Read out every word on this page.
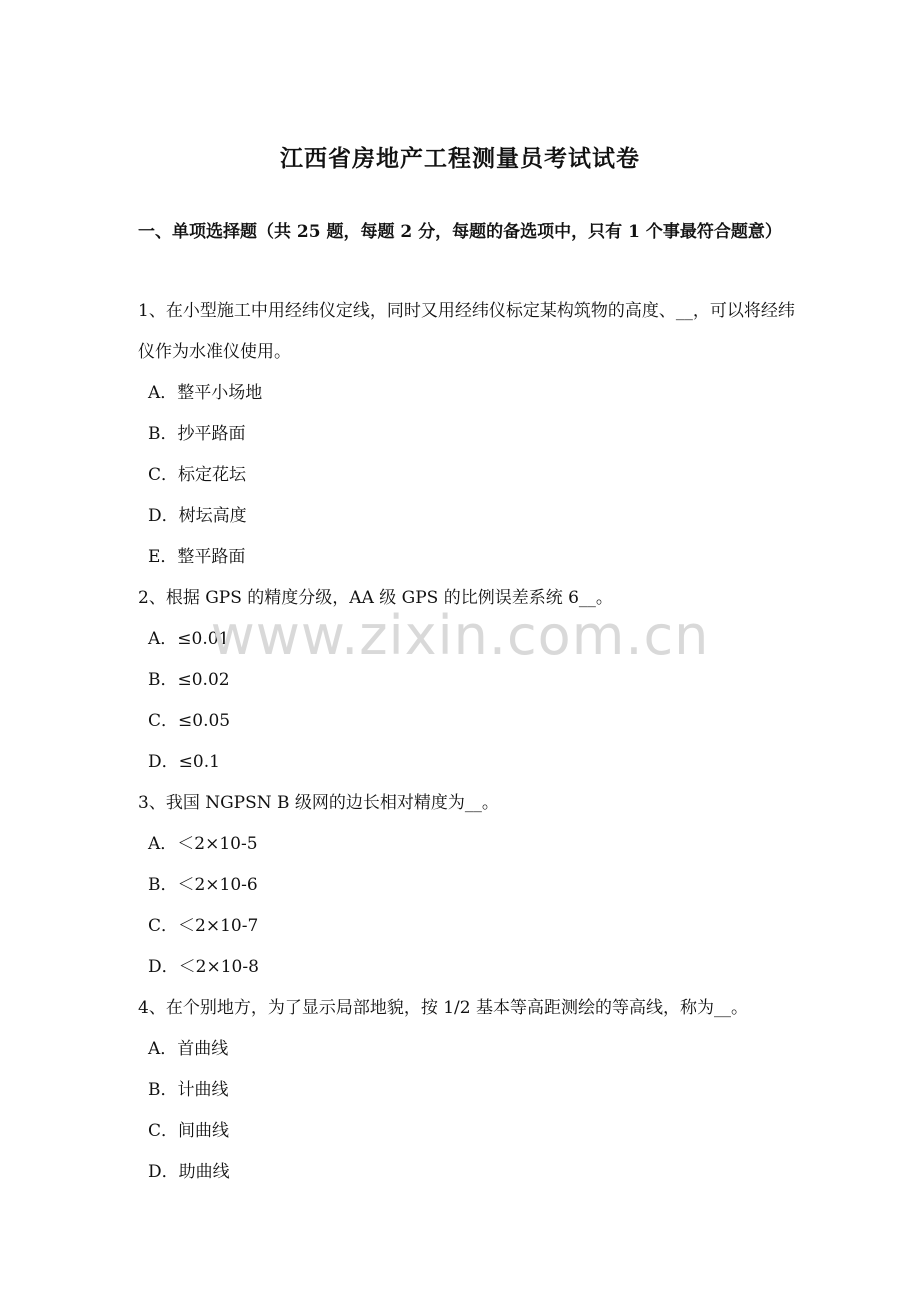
江西省房地产工程测量员考试试卷
一、单项选择题（共 25 题，每题 2 分，每题的备选项中，只有 1 个事最符合题意）

1、在小型施工中用经纬仪定线，同时又用经纬仪标定某构筑物的高度、__，可以将经纬仪作为水准仪使用。

A．整平小场地

B．抄平路面

C．标定花坛

D．树坛高度

E．整平路面

2、根据 GPS 的精度分级，AA 级 GPS 的比例误差系统 6__。

A．≤0.01

B．≤0.02

C．≤0.05

D．≤0.1

3、我国 NGPSN B 级网的边长相对精度为__。

A．＜2×10-5

B．＜2×10-6

C．＜2×10-7

D．＜2×10-8

4、在个别地方，为了显示局部地貌，按 1/2 基本等高距测绘的等高线，称为__。

A．首曲线

B．计曲线

C．间曲线

D．助曲线

www.zixin.com.cn
